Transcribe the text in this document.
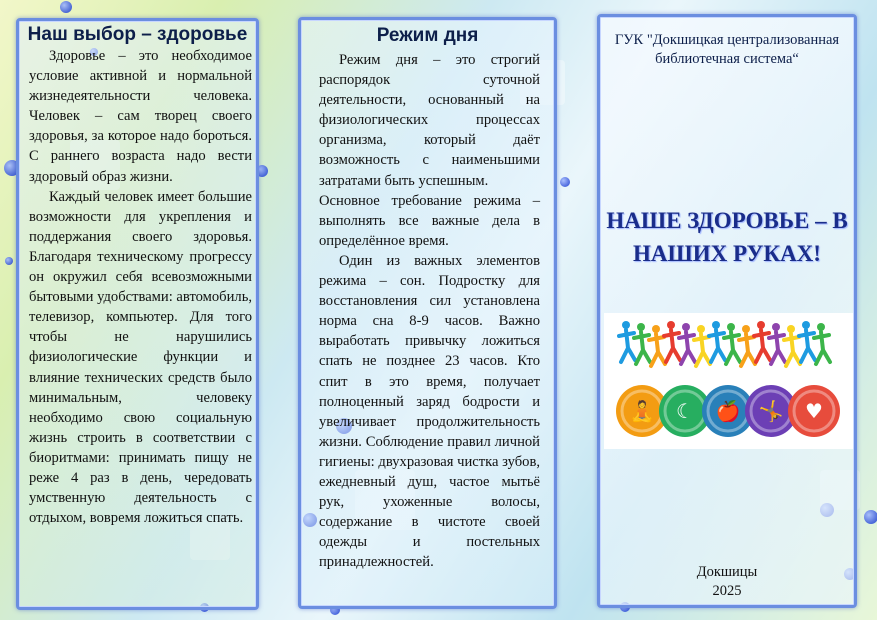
Наш выбор – здоровье

Здоровье – это необходимое условие активной и нормальной жизнедеятельности человека. Человек – сам творец своего здоровья, за которое надо бороться. С раннего возраста надо вести здоровый образ жизни.

Каждый человек имеет большие возможности для укрепления и поддержания своего здоровья. Благодаря техническому прогрессу он окружил себя всевозможными бытовыми удобствами: автомобиль, телевизор, компьютер. Для того чтобы не нарушились физиологические функции и влияние технических средств было минимальным, человеку необходимо свою социальную жизнь строить в соответствии с биоритмами: принимать пищу не реже 4 раз в день, чередовать умственную деятельность с отдыхом, вовремя ложиться спать.

Режим дня

Режим дня – это строгий распорядок суточной деятельности, основанный на физиологических процессах организма, который даёт возможность с наименьшими затратами быть успешным.

Основное требование режима – выполнять все важные дела в определённое время.

Один из важных элементов режима – сон. Подростку для восстановления сил установлена норма сна 8-9 часов. Важно выработать привычку ложиться спать не позднее 23 часов. Кто спит в это время, получает полноценный заряд бодрости и увеличивает продолжительность жизни. Соблюдение правил личной гигиены: двухразовая чистка зубов, ежедневный душ, частое мытьё рук, ухоженные волосы, содержание в чистоте своей одежды и постельных принадлежностей.

ГУК "Докшицкая централизованная библиотечная система“
НАШЕ ЗДОРОВЬЕ – В НАШИХ РУКАХ!
🧘 ☾ 🍎 🤸 ♥
Докшицы
2025
